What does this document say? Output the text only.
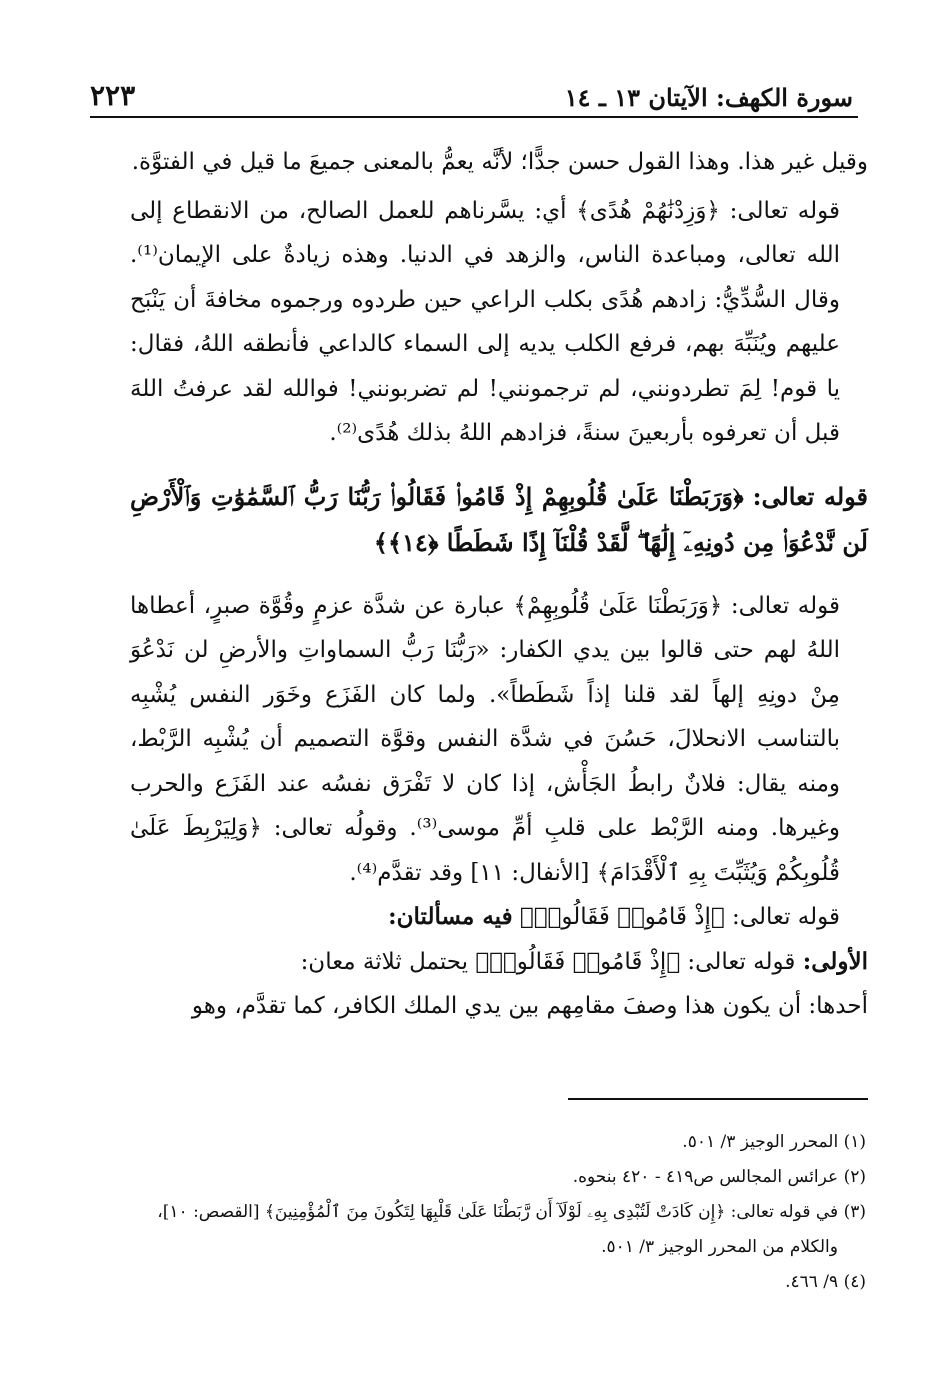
سورة الكهف: الآيتان ١٣ ـ ١٤
٢٢٣

وقيل غير هذا. وهذا القول حسن جدًّا؛ لأنَّه يعمُّ بالمعنى جميعَ ما قيل في الفتوَّة.

قوله تعالى: ﴿وَزِدْنَٰهُمْ هُدًى﴾ أي: يسَّرناهم للعمل الصالح، من الانقطاع إلى الله تعالى، ومباعدة الناس، والزهد في الدنيا. وهذه زيادةٌ على الإيمان⁽¹⁾. وقال السُّدِّيُّ: زادهم هُدًى بكلب الراعي حين طردوه ورجموه مخافةَ أن يَنْبَح عليهم ويُنَبِّهَ بهم، فرفع الكلب يديه إلى السماء كالداعي فأنطقه اللهُ، فقال: يا قوم! لِمَ تطردونني، لم ترجمونني! لم تضربونني! فوالله لقد عرفتُ اللهَ قبل أن تعرفوه بأربعينَ سنةً، فزادهم اللهُ بذلك هُدًى⁽²⁾.

قوله تعالى: ﴿وَرَبَطْنَا عَلَىٰ قُلُوبِهِمْ إِذْ قَامُوا۟ فَقَالُوا۟ رَبُّنَا رَبُّ ٱلسَّمَٰوَٰتِ وَٱلْأَرْضِ لَن نَّدْعُوَا۟ مِن دُونِهِۦٓ إِلَٰهًا ۖ لَّقَدْ قُلْنَآ إِذًا شَطَطًا ﴿١٤﴾﴾

قوله تعالى: ﴿وَرَبَطْنَا عَلَىٰ قُلُوبِهِمْ﴾ عبارة عن شدَّة عزمٍ وقُوَّة صبرٍ، أعطاها اللهُ لهم حتى قالوا بين يدي الكفار: «رَبُّنَا رَبُّ السماواتِ والأرضِ لن نَدْعُوَ مِنْ دونِهِ إلهاً لقد قلنا إذاً شَطَطاً». ولما كان الفَزَع وخَوَر النفس يُشْبِه بالتناسب الانحلالَ، حَسُنَ في شدَّة النفس وقوَّة التصميم أن يُشْبِه الرَّبْط، ومنه يقال: فلانٌ رابطُ الجَأْش، إذا كان لا تَفْرَق نفسُه عند الفَزَع والحرب وغيرها. ومنه الرَّبْط على قلبِ أمِّ موسى⁽³⁾. وقولُه تعالى: ﴿وَلِيَرْبِطَ عَلَىٰ قُلُوبِكُمْ وَيُثَبِّتَ بِهِ ٱلْأَقْدَامَ﴾ [الأنفال: ١١] وقد تقدَّم⁽⁴⁾.

قوله تعالى: ﴿إِذْ قَامُوا۟ فَقَالُوا۟﴾ فيه مسألتان:

الأولى: قوله تعالى: ﴿إِذْ قَامُوا۟ فَقَالُوا۟﴾ يحتمل ثلاثة معان:

أحدها: أن يكون هذا وصفَ مقامِهم بين يدي الملك الكافر، كما تقدَّم، وهو

(١) المحرر الوجيز ٣/ ٥٠١.

(٢) عرائس المجالس ص٤١٩ - ٤٢٠ بنحوه.

(٣) في قوله تعالى: ﴿إِن كَادَتْ لَتُبْدِى بِهِۦ لَوْلَآ أَن رَّبَطْنَا عَلَىٰ قَلْبِهَا لِتَكُونَ مِنَ ٱلْمُؤْمِنِينَ﴾ [القصص: ١٠]،

والكلام من المحرر الوجيز ٣/ ٥٠١.

(٤) ٩/ ٤٦٦.
